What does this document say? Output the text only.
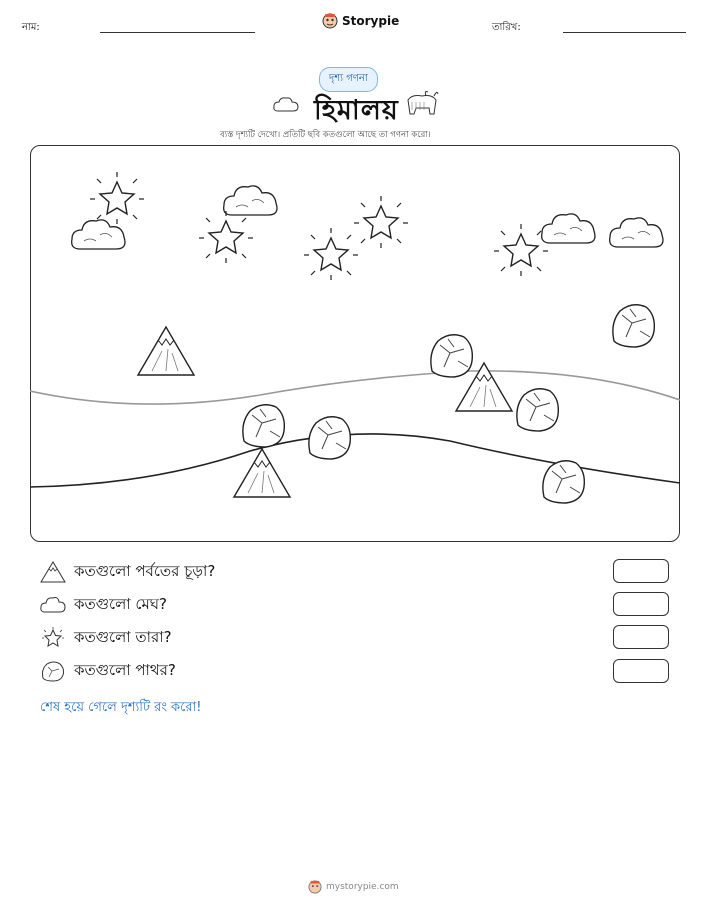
নাম:	Storypie	তারিখ:
দৃশ্য গণনা
হিমালয়
ব্যস্ত দৃশ্যটি দেখো। প্রতিটি ছবি কতগুলো আছে তা গণনা করো।
কতগুলো পর্বতের চূড়া?
কতগুলো মেঘ?
কতগুলো তারা?
কতগুলো পাথর?
শেষ হয়ে গেলে দৃশ্যটি রং করো!
mystorypie.com
